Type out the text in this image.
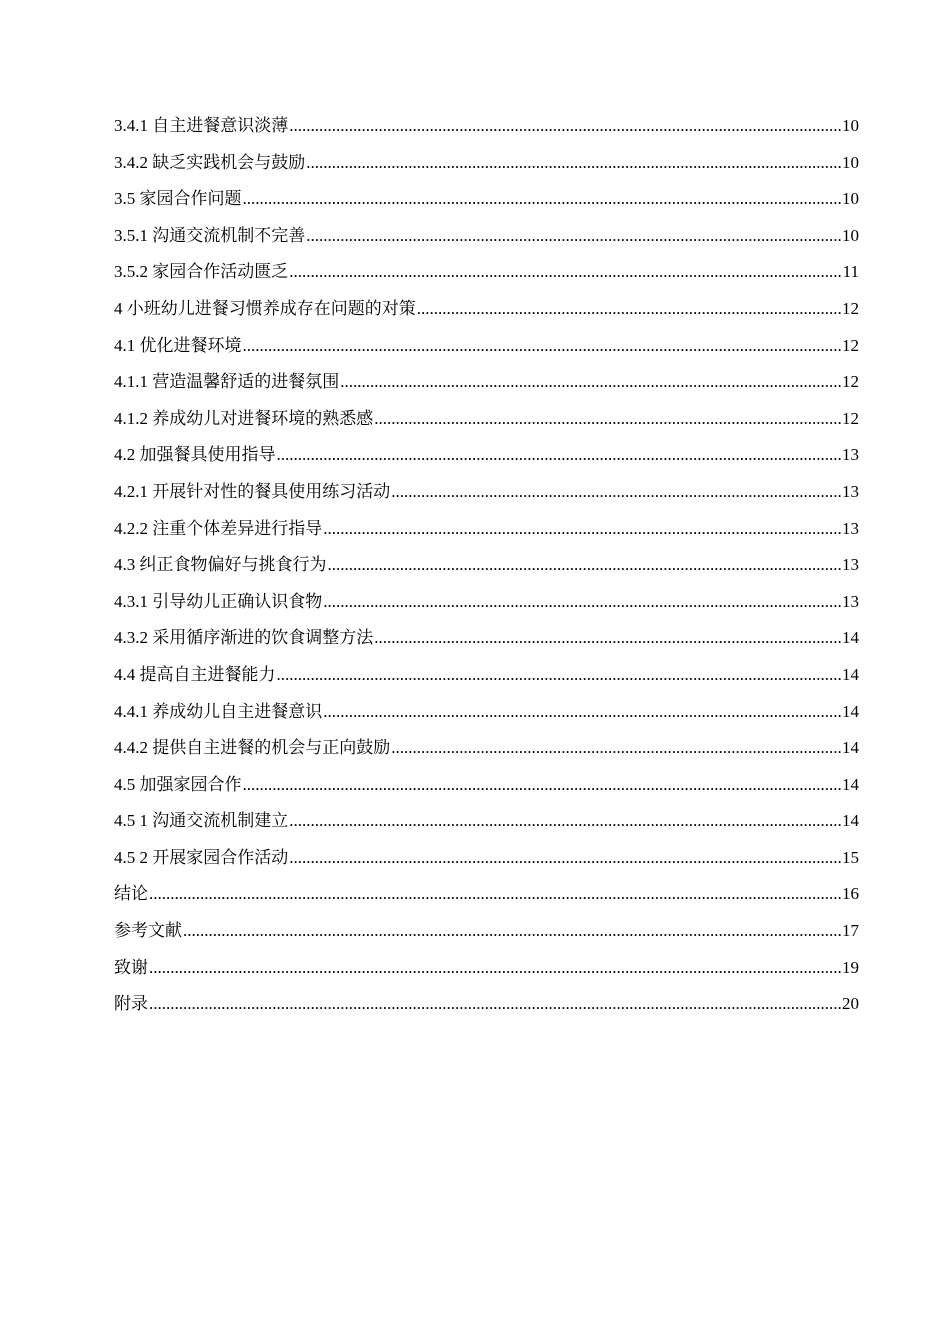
3.4.1 自主进餐意识淡薄 .....	10
3.4.2 缺乏实践机会与鼓励 .....	10
3.5 家园合作问题 .....	10
3.5.1 沟通交流机制不完善 .....	10
3.5.2 家园合作活动匮乏 .....	11
4 小班幼儿进餐习惯养成存在问题的对策 .....	12
4.1 优化进餐环境 .....	12
4.1.1 营造温馨舒适的进餐氛围 .....	12
4.1.2 养成幼儿对进餐环境的熟悉感 .....	12
4.2 加强餐具使用指导 .....	13
4.2.1 开展针对性的餐具使用练习活动 .....	13
4.2.2 注重个体差异进行指导 .....	13
4.3 纠正食物偏好与挑食行为 .....	13
4.3.1 引导幼儿正确认识食物 .....	13
4.3.2 采用循序渐进的饮食调整方法 .....	14
4.4 提高自主进餐能力 .....	14
4.4.1 养成幼儿自主进餐意识 .....	14
4.4.2 提供自主进餐的机会与正向鼓励 .....	14
4.5 加强家园合作 .....	14
4.5 1 沟通交流机制建立 .....	14
4.5 2 开展家园合作活动 .....	15
结论 .....	16
参考文献 .....	17
致谢 .....	19
附录 .....	20
